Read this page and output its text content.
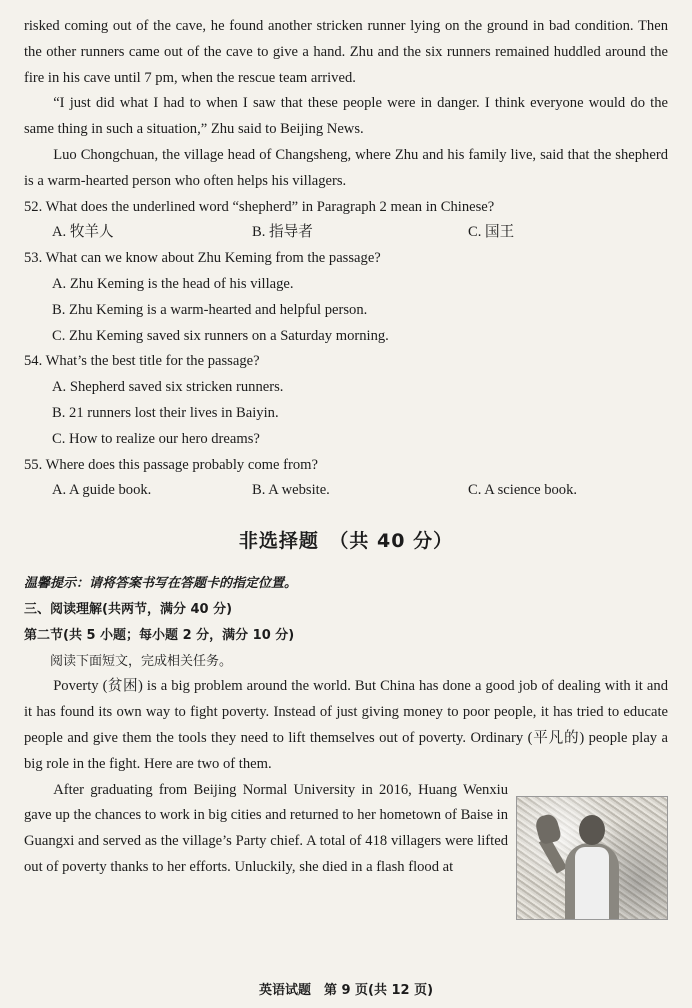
risked coming out of the cave, he found another stricken runner lying on the ground in bad condition. Then the other runners came out of the cave to give a hand. Zhu and the six runners remained huddled around the fire in his cave until 7 pm, when the rescue team arrived.

“I just did what I had to when I saw that these people were in danger. I think everyone would do the same thing in such a situation,” Zhu said to Beijing News.

Luo Chongchuan, the village head of Changsheng, where Zhu and his family live, said that the shepherd is a warm-hearted person who often helps his villagers.

52. What does the underlined word “shepherd” in Paragraph 2 mean in Chinese?

A. 牧羊人	B. 指导者	C. 国王

53. What can we know about Zhu Keming from the passage?

A. Zhu Keming is the head of his village.

B. Zhu Keming is a warm-hearted and helpful person.

C. Zhu Keming saved six runners on a Saturday morning.

54. What’s the best title for the passage?

A. Shepherd saved six stricken runners.

B. 21 runners lost their lives in Baiyin.

C. How to realize our hero dreams?

55. Where does this passage probably come from?

A. A guide book.	B. A website.	C. A science book.
非选择题　（共 40 分）

温馨提示：请将答案书写在答题卡的指定位置。

三、阅读理解(共两节，满分 40 分)

第二节(共 5 小题；每小题 2 分，满分 10 分)

阅读下面短文，完成相关任务。

Poverty (贫困) is a big problem around the world. But China has done a good job of dealing with it and it has found its own way to fight poverty. Instead of just giving money to poor people, it has tried to educate people and give them the tools they need to lift themselves out of poverty. Ordinary (平凡的) people play a big role in the fight. Here are two of them.

After graduating from Beijing Normal University in 2016, Huang Wenxiu gave up the chances to work in big cities and returned to her hometown of Baise in Guangxi and served as the village’s Party chief. A total of 418 villagers were lifted out of poverty thanks to her efforts. Unluckily, she died in a flash flood at

英语试题　第 9 页(共 12 页)
